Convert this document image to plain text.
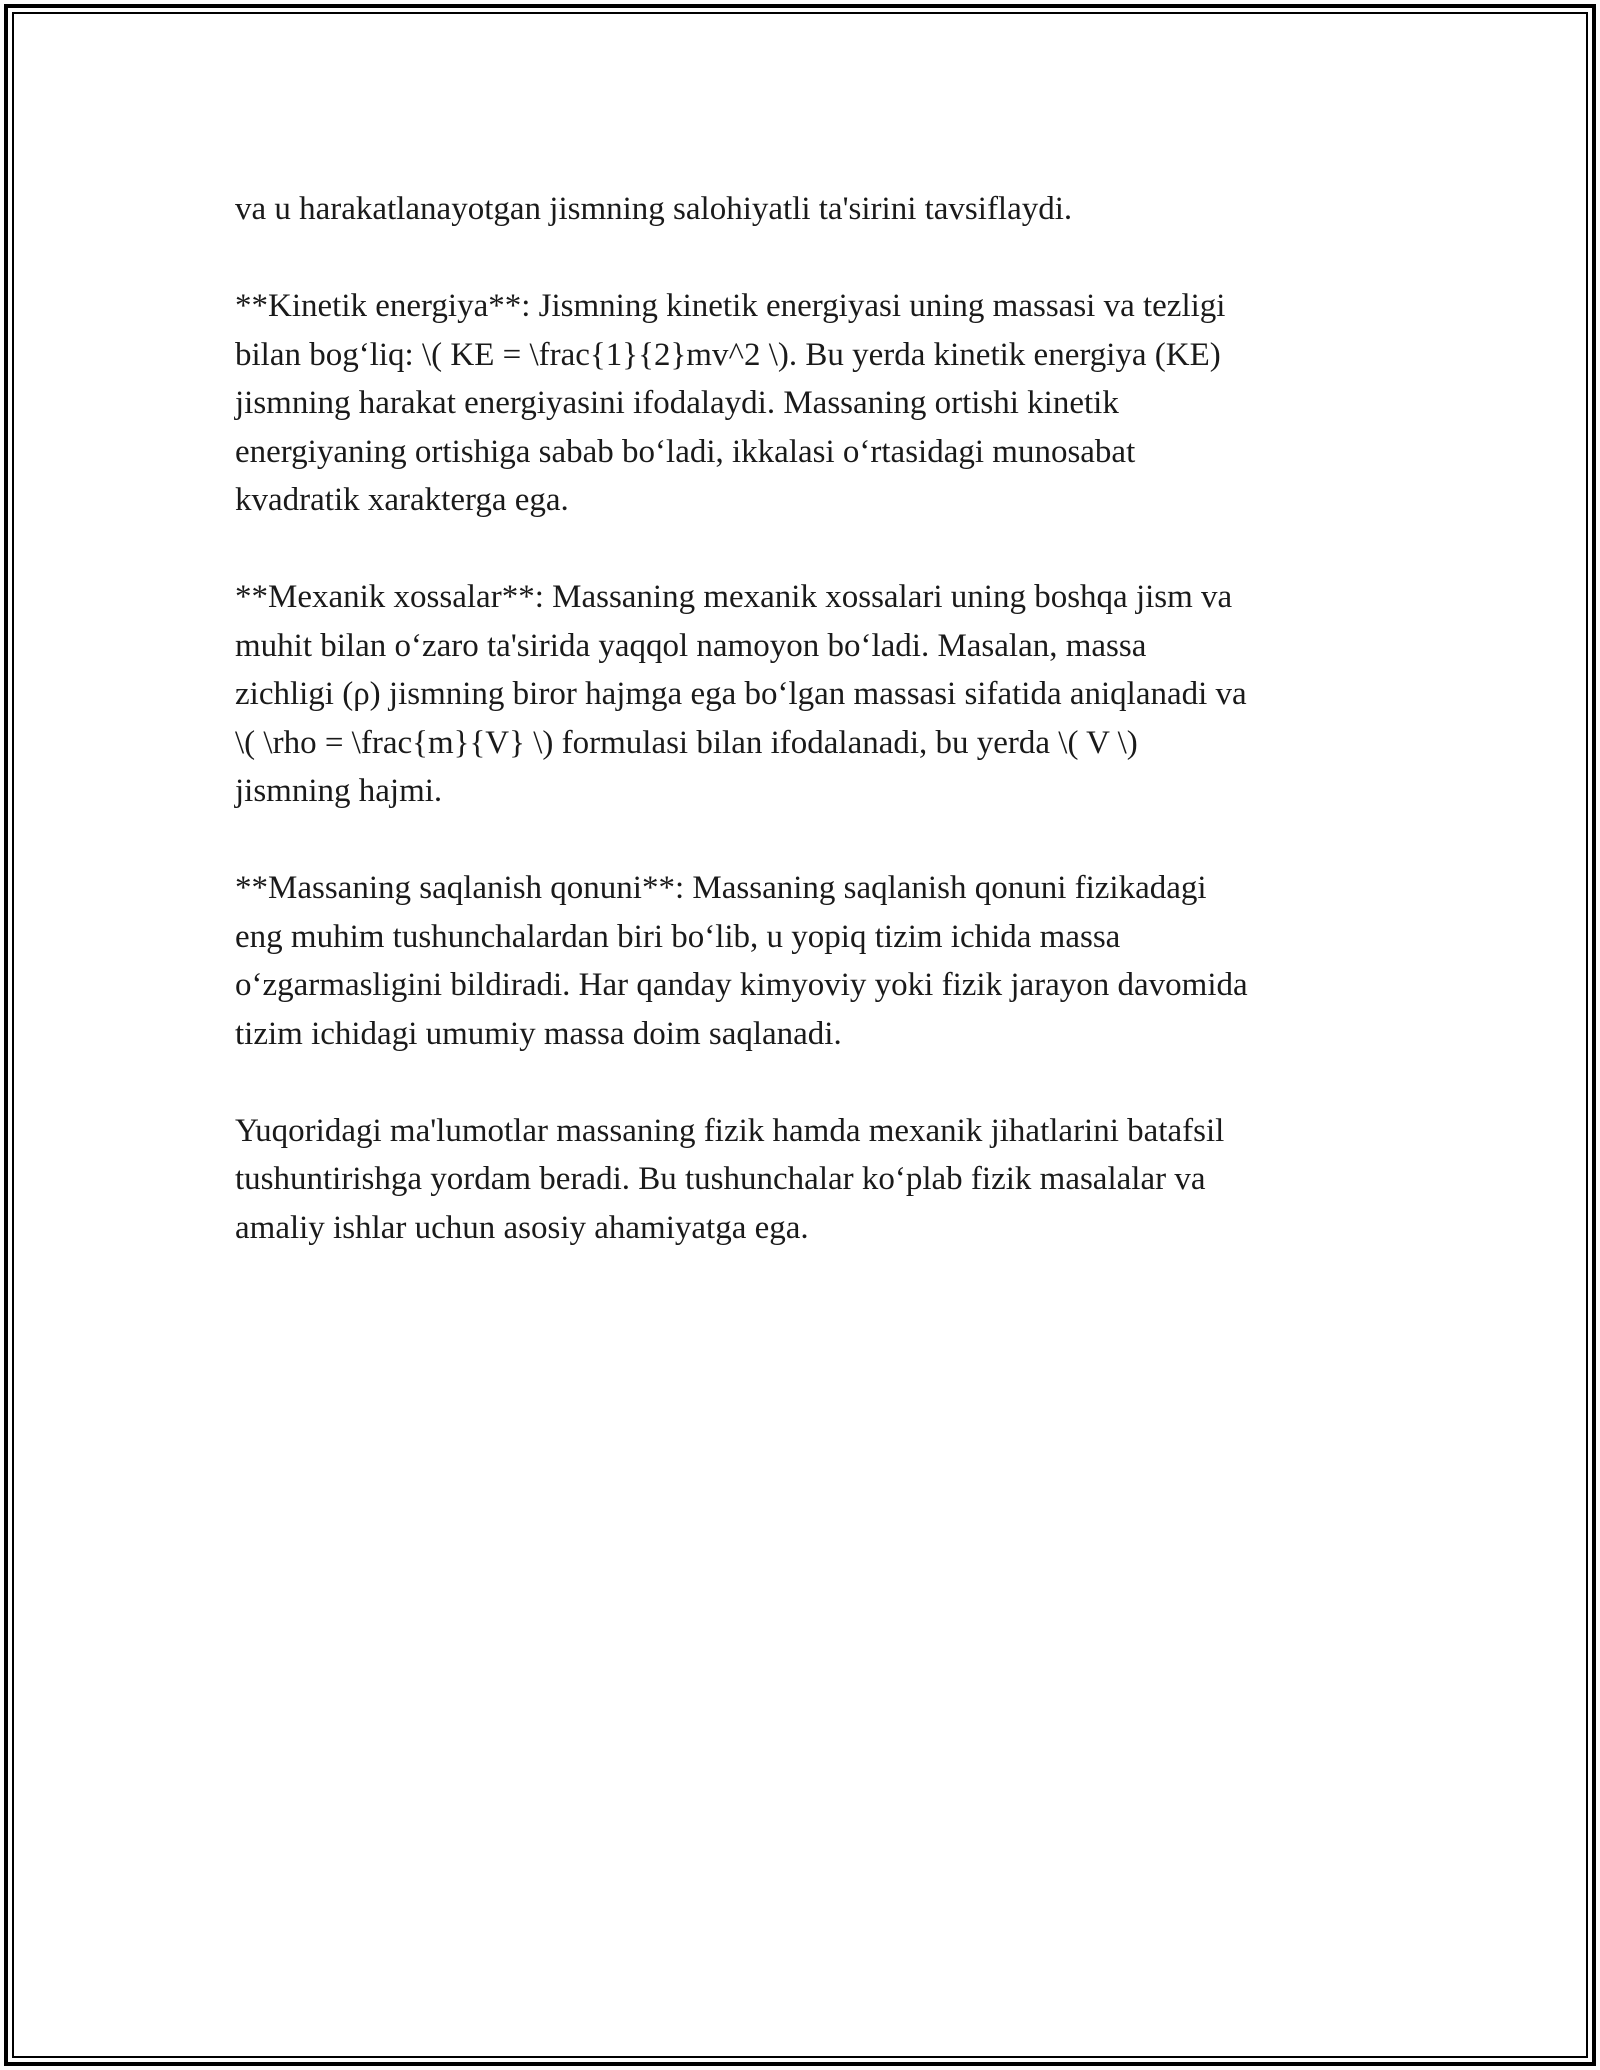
va u harakatlanayotgan jismning salohiyatli ta'sirini tavsiflaydi.

**Kinetik energiya**: Jismning kinetik energiyasi uning massasi va tezligi
bilan bog‘liq: \( KE = \frac{1}{2}mv^2 \). Bu yerda kinetik energiya (KE)
jismning harakat energiyasini ifodalaydi. Massaning ortishi kinetik
energiyaning ortishiga sabab bo‘ladi, ikkalasi o‘rtasidagi munosabat
kvadratik xarakterga ega.

**Mexanik xossalar**: Massaning mexanik xossalari uning boshqa jism va
muhit bilan o‘zaro ta'sirida yaqqol namoyon bo‘ladi. Masalan, massa
zichligi (ρ) jismning biror hajmga ega bo‘lgan massasi sifatida aniqlanadi va
\( \rho = \frac{m}{V} \) formulasi bilan ifodalanadi, bu yerda \( V \)
jismning hajmi.

**Massaning saqlanish qonuni**: Massaning saqlanish qonuni fizikadagi
eng muhim tushunchalardan biri bo‘lib, u yopiq tizim ichida massa
o‘zgarmasligini bildiradi. Har qanday kimyoviy yoki fizik jarayon davomida
tizim ichidagi umumiy massa doim saqlanadi.

Yuqoridagi ma'lumotlar massaning fizik hamda mexanik jihatlarini batafsil
tushuntirishga yordam beradi. Bu tushunchalar ko‘plab fizik masalalar va
amaliy ishlar uchun asosiy ahamiyatga ega.
